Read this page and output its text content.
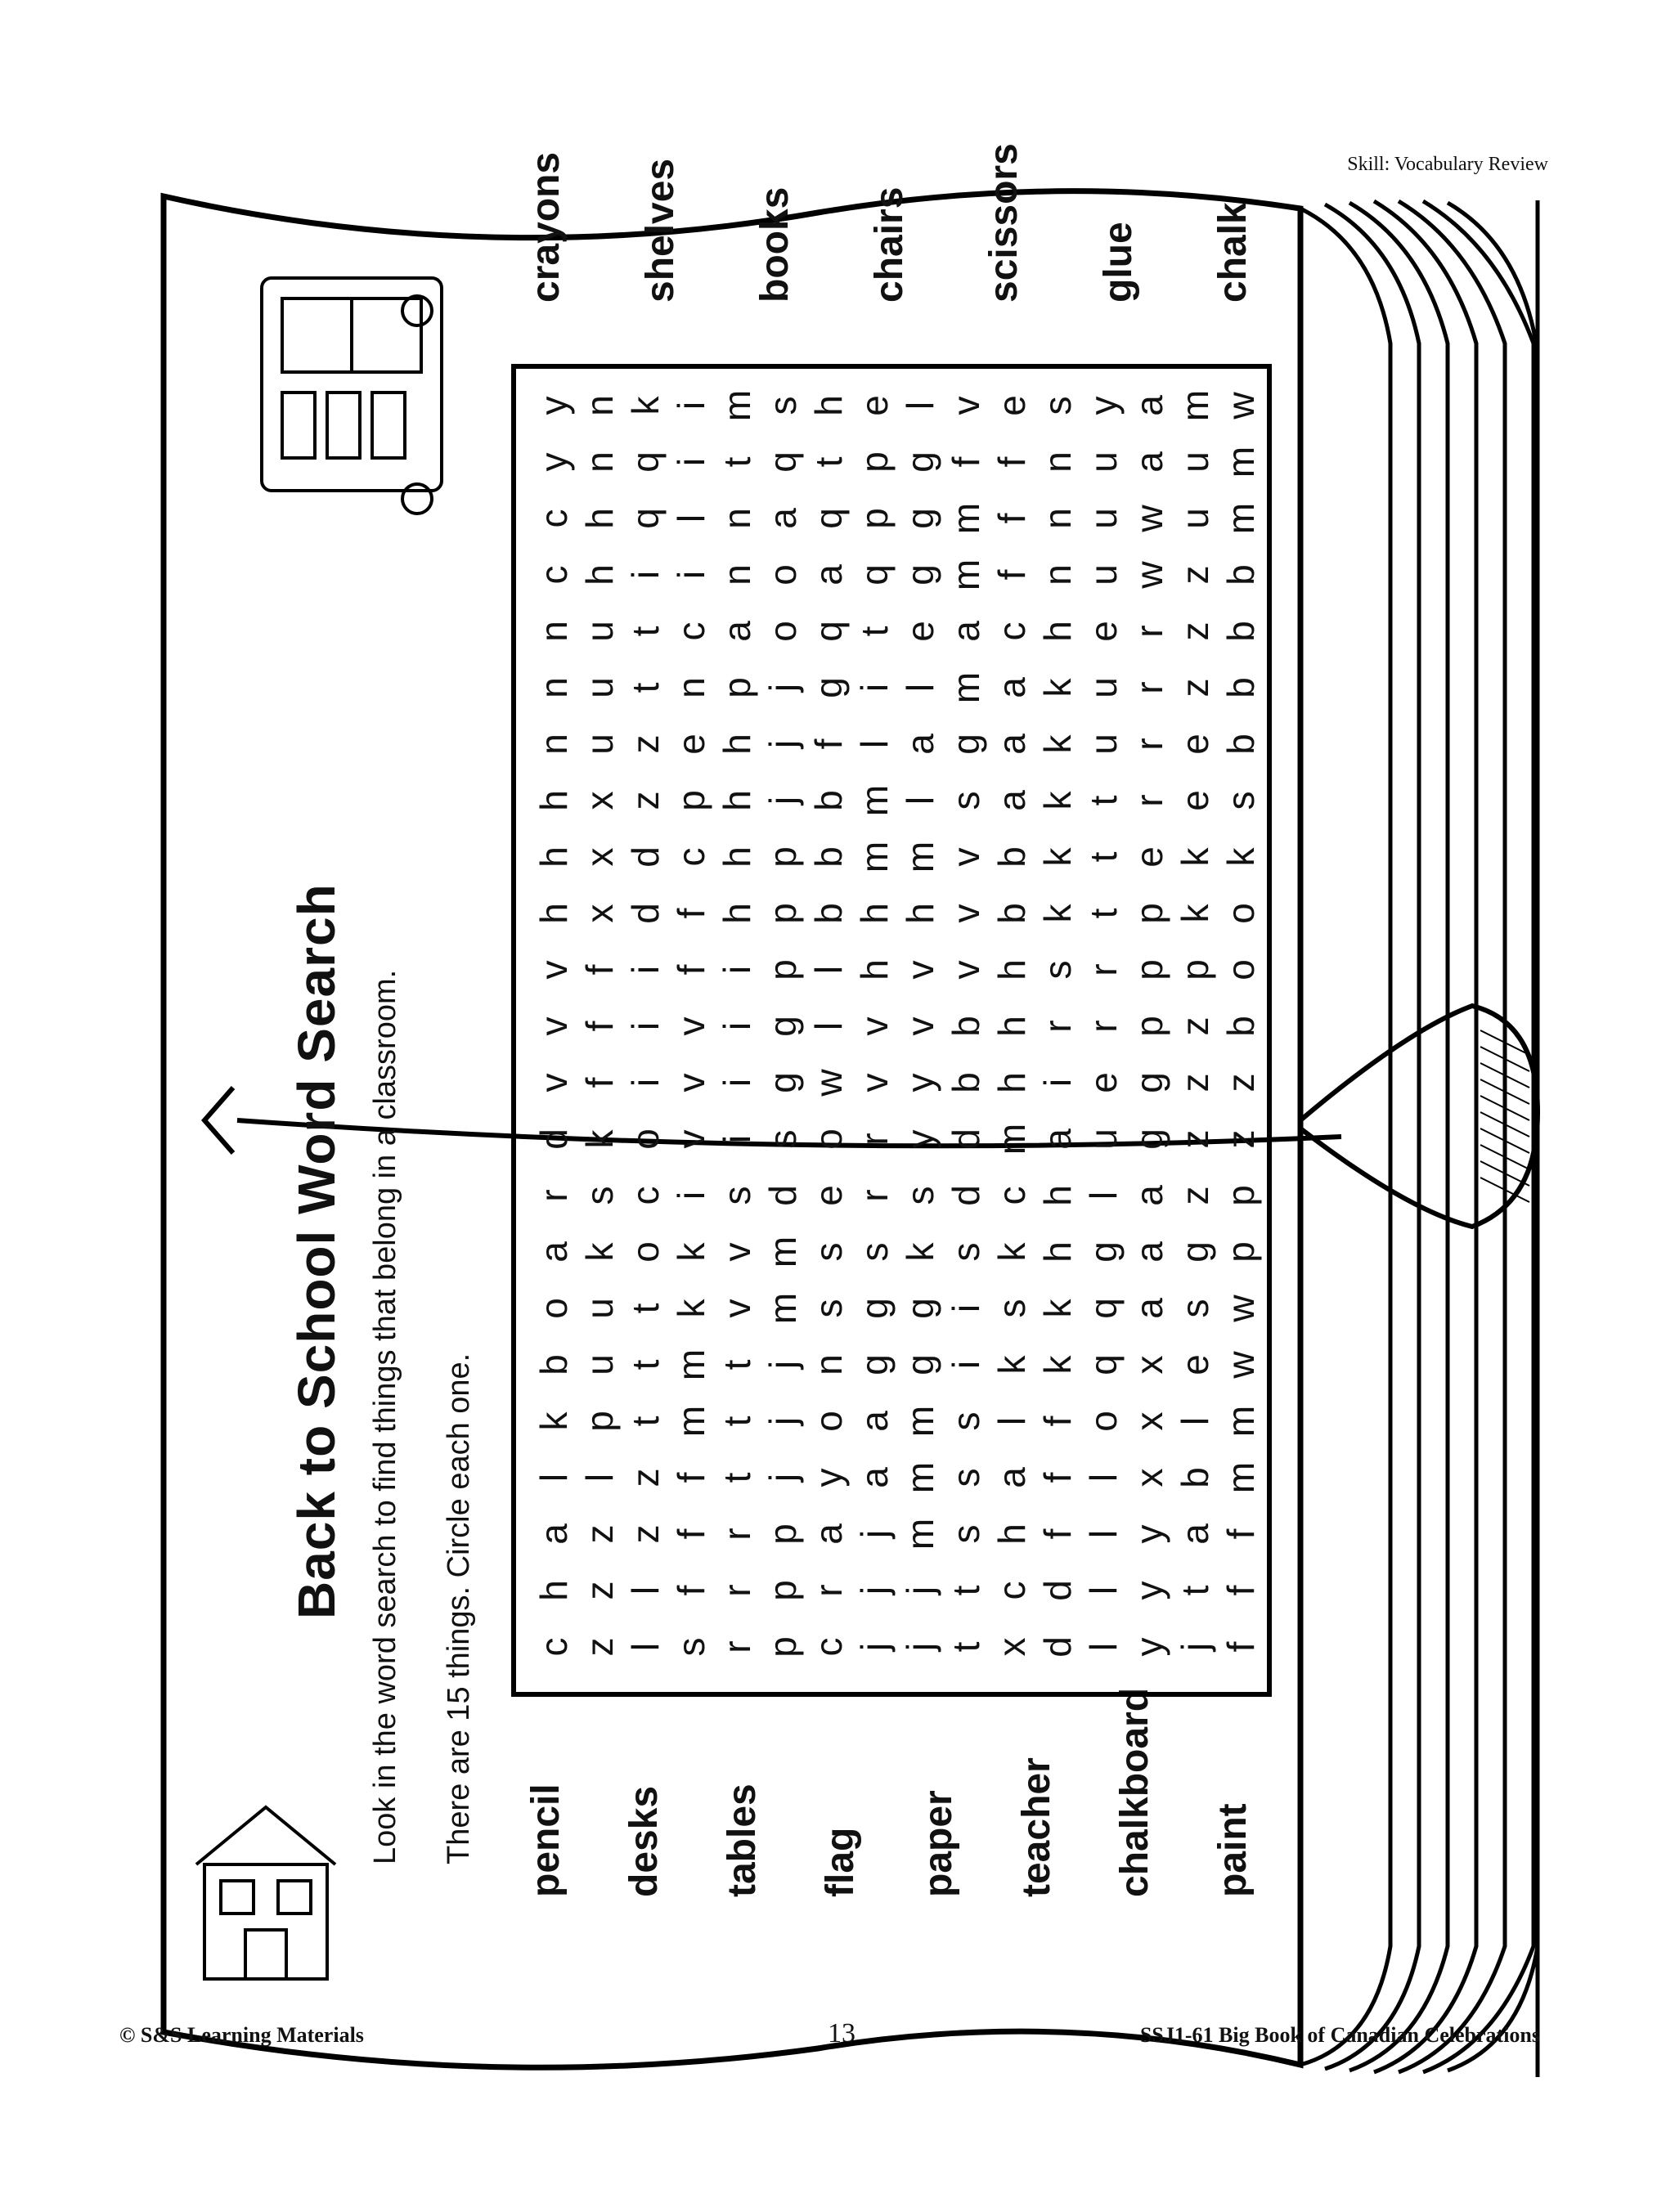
Skill: Vocabulary Review
Back to School Word Search Look in the word search to find things that belong in a classroom. There are 15 things. Circle each one. pencil desks tables flag paper teacher chalkboard paint
crayons shelves books chairs scissors glue chalk
c
h
a
l
k
b
o
a
r
d
v
v
v
h
h
h
n
n
n
c
c
y
y
z
z
z
l
p
u
u
k
s
k
f
f
f
x
x
x
u
u
u
h
h
n
n
l
l
z
z
t
t
t
o
c
o
i
i
i
d
d
z
z
t
t
i
q
q
k
s
f
f
f
m
m
k
k
i
v
v
v
f
f
c
p
e
n
c
i
l
i
i
r
r
r
t
t
t
v
v
s
i
i
i
i
h
h
h
h
p
a
n
n
t
m
p
p
p
j
j
j
m
m
d
s
g
g
p
p
p
j
j
j
o
o
a
q
s
c
r
a
y
o
n
s
s
e
o
w
l
l
b
b
b
f
g
q
a
q
t
h
j
j
j
a
a
g
g
s
r
r
v
v
h
h
m
m
l
i
t
q
p
p
e
j
j
m
m
m
g
g
k
s
y
y
v
v
h
m
l
a
l
e
g
g
g
l
t
t
s
s
s
i
i
s
d
d
b
b
v
v
v
s
g
m
a
m
m
f
v
x
c
h
a
l
k
s
k
c
m
h
h
h
b
b
a
a
a
c
f
f
f
e
d
d
f
f
f
k
k
h
h
a
i
r
s
k
k
k
k
k
h
n
n
n
s
l
l
l
l
o
q
q
g
l
u
e
r
r
t
t
t
u
u
e
u
u
u
y
y
y
y
x
x
x
a
a
a
g
g
p
p
p
e
r
r
r
r
w
w
a
a
j
t
a
b
l
e
s
g
z
z
z
z
p
k
k
e
e
z
z
z
u
u
m
f
f
f
m
m
w
w
p
p
z
z
b
o
o
k
s
b
b
b
b
m
m
w
© S&S Learning Materials	13	SSJ1-61 Big Book of Canadian Celebrations
